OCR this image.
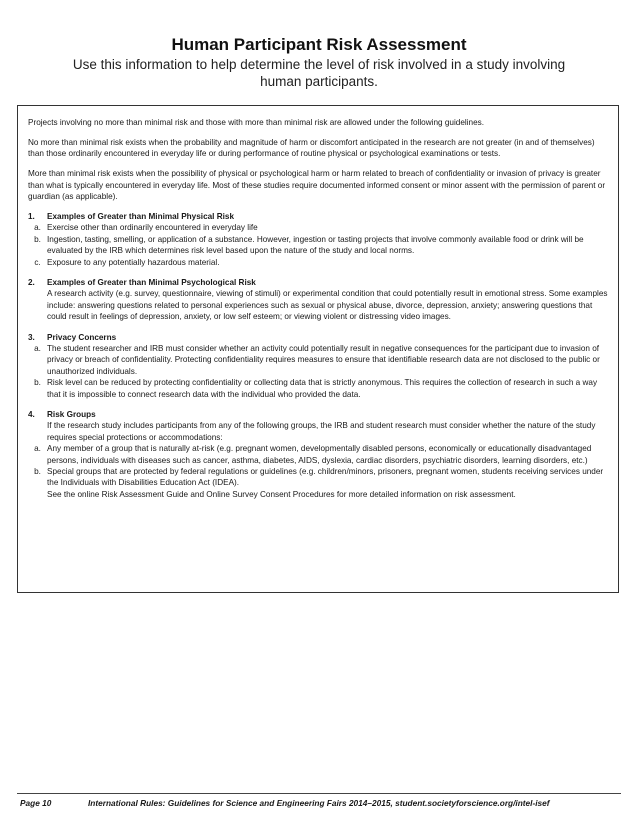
Human Participant Risk Assessment
Use this information to help determine the level of risk involved in a study involving human participants.

Projects involving no more than minimal risk and those with more than minimal risk are allowed under the following guidelines.

No more than minimal risk exists when the probability and magnitude of harm or discomfort anticipated in the research are not greater (in and of themselves) than those ordinarily encountered in everyday life or during performance of routine physical or psychological examinations or tests.

More than minimal risk exists when the possibility of physical or psychological harm or harm related to breach of confidentiality or invasion of privacy is greater than what is typically encountered in everyday life. Most of these studies require documented informed consent or minor assent with the permission of parent or guardian (as applicable).

1.	Examples of Greater than Minimal Physical Risk
a. Exercise other than ordinarily encountered in everyday life
b. Ingestion, tasting, smelling, or application of a substance. However, ingestion or tasting projects that involve commonly available food or drink will be evaluated by the IRB which determines risk level based upon the nature of the study and local norms.
c. Exposure to any potentially hazardous material.
2.	Examples of Greater than Minimal Psychological Risk
A research activity (e.g. survey, questionnaire, viewing of stimuli) or experimental condition that could potentially result in emotional stress. Some examples include: answering questions related to personal experiences such as sexual or physical abuse, divorce, depression, anxiety; answering questions that could result in feelings of depression, anxiety, or low self esteem; or viewing violent or distressing video images.
3.	Privacy Concerns
a. The student researcher and IRB must consider whether an activity could potentially result in negative consequences for the participant due to invasion of privacy or breach of confidentiality. Protecting confidentiality requires measures to ensure that identifiable research data are not disclosed to the public or unauthorized individuals.
b. Risk level can be reduced by protecting confidentiality or collecting data that is strictly anonymous. This requires the collection of research in such a way that it is impossible to connect research data with the individual who provided the data.
4.	Risk Groups
If the research study includes participants from any of the following groups, the IRB and student research must consider whether the nature of the study requires special protections or accommodations:
a. Any member of a group that is naturally at-risk (e.g. pregnant women, developmentally disabled persons, economically or educationally disadvantaged persons, individuals with diseases such as cancer, asthma, diabetes, AIDS, dyslexia, cardiac disorders, psychiatric disorders, learning disorders, etc.)
b. Special groups that are protected by federal regulations or guidelines (e.g. children/minors, prisoners, pregnant women, students receiving services under the Individuals with Disabilities Education Act (IDEA).
See the online Risk Assessment Guide and Online Survey Consent Procedures for more detailed information on risk assessment.
Page 10	International Rules: Guidelines for Science and Engineering Fairs 2014–2015, student.societyforscience.org/intel-isef
